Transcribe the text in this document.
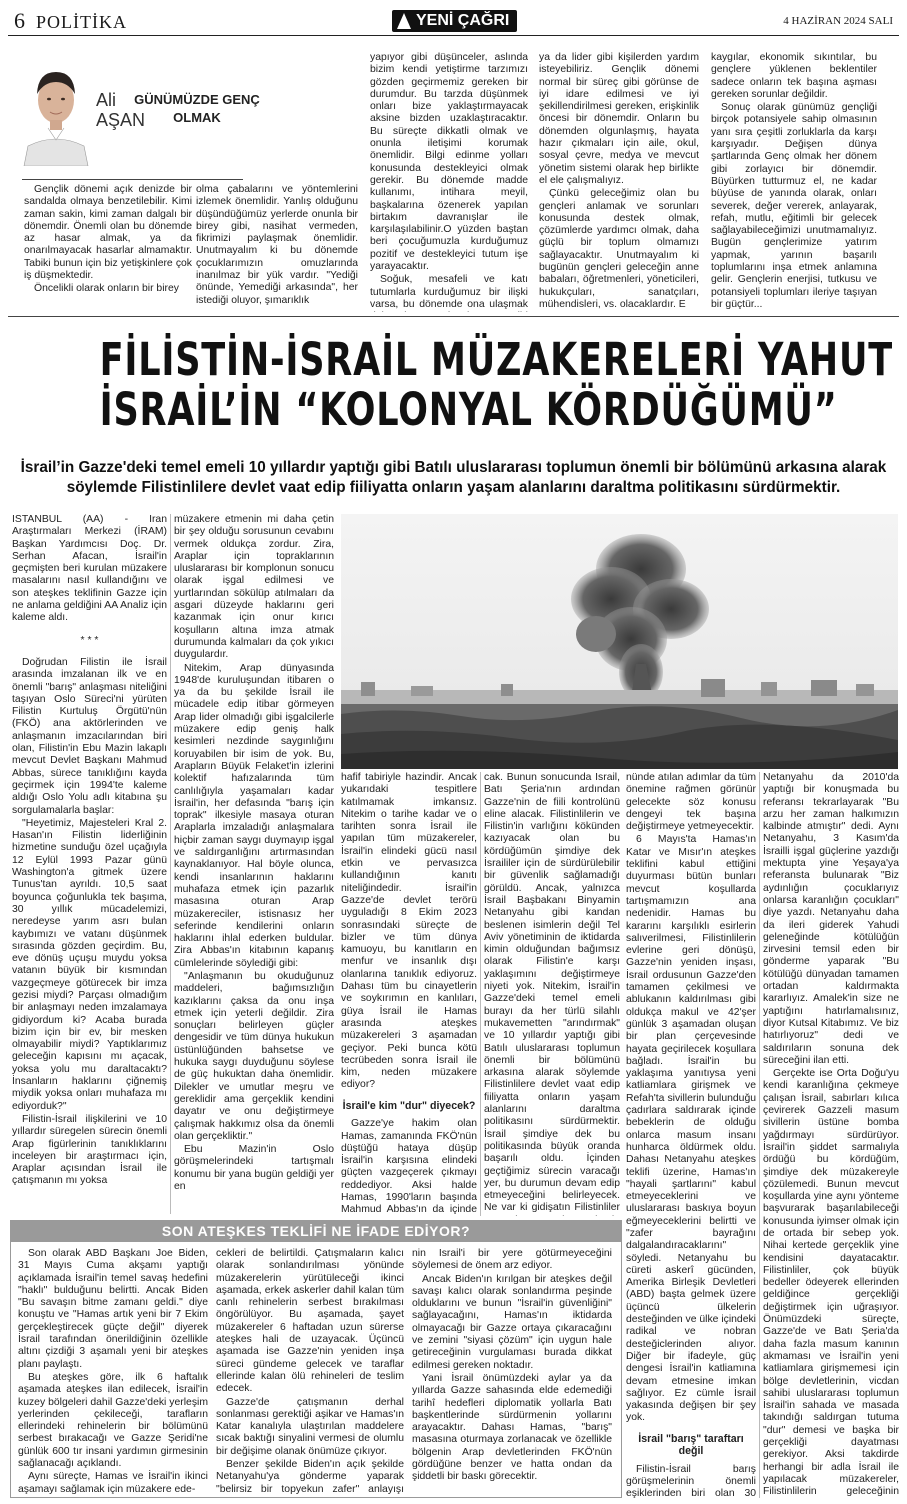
6 POLİTİKA	YENİ ÇAĞRI	4 HAZİRAN 2024 SALI
Ali
AŞAN
GÜNÜMÜZDE GENÇ OLMAK

Gençlik dönemi açık denizde bir sandalda olmaya benzetilebilir. Kimi zaman sakin, kimi zaman dalgalı bir dönemdir. Önemli olan bu dönemde az hasar almak, ya da onarılmayacak hasarlar almamaktır. Tabiki bunun için biz yetişkinlere çok iş düşmektedir.

Öncelikli olarak onların bir birey

olma çabalarını ve yöntemlerini izlemek önemlidir. Yanlış olduğunu düşündüğümüz yerlerde onunla bir birey gibi, nasihat vermeden, fikrimizi paylaşmak önemlidir. Unutmayalım ki bu dönemde çocuklarımızın omuzlarında inanılmaz bir yük vardır. "Yediği önünde, Yemediği arkasında", her istediği oluyor, şımarıklık

yapıyor gibi düşünceler, aslında bizim kendi yetiştirme tarzımızı gözden geçirmemiz gereken bir durumdur. Bu tarzda düşünmek onları bize yaklaştırmayacak aksine bizden uzaklaştıracaktır. Bu süreçte dikkatli olmak ve onunla iletişimi korumak önemlidir. Bilgi edinme yolları konusunda destekleyici olmak gerekir. Bu dönemde madde kullanımı, intihara meyil, başkalarına özenerek yapılan birtakım davranışlar ile karşılaşılabilinir.O yüzden baştan beri çocuğumuzla kurduğumuz pozitif ve destekleyici tutum işe yarayacaktır.

Soğuk, mesafeli ve katı tutumlarla kurduğumuz bir ilişki varsa, bu dönemde ona ulaşmak

ya da lider gibi kişilerden yardım isteyebiliriz. Gençlik dönemi normal bir süreç gibi görünse de iyi idare edilmesi ve iyi şekillendirilmesi gereken, erişkinlik öncesi bir dönemdir. Onların bu dönemden olgunlaşmış, hayata hazır çıkmaları için aile, okul, sosyal çevre, medya ve mevcut yönetim sistemi olarak hep birlikte el ele çalışmalıyız.

Çünkü geleceğimiz olan bu gençleri anlamak ve sorunları konusunda destek olmak, çözümlerde yardımcı olmak, daha güçlü bir toplum olmamızı sağlayacaktır. Unutmayalım ki bugünün gençleri geleceğin anne babaları, öğretmenleri, yöneticileri, hukukçuları, sanatçıları, mühendisleri, vs. olacaklardır. E

kaygılar, ekonomik sıkıntılar, bu gençlere yüklenen beklentiler sadece onların tek başına aşması gereken sorunlar değildir.

Sonuç olarak günümüz gençliği birçok potansiyele sahip olmasının yanı sıra çeşitli zorluklarla da karşı karşıyadır. Değişen dünya şartlarında Genç olmak her dönem gibi zorlayıcı bir dönemdir. Büyürken tutturmuz el, ne kadar büyüse de yanında olarak, onları severek, değer vererek, anlayarak, refah, mutlu, eğitimli bir gelecek sağlayabileceğimizi unutmamalıyız. Bugün gençlerimize yatırım yapmak, yarının başarılı toplumlarını inşa etmek anlamına gelir. Gençlerin enerjisi, tutkusu ve potansiyeli toplumları ileriye taşıyan bir güçtür...

FİLİSTİN-İSRAİL MÜZAKERELERİ YAHUT
İSRAİL’İN “KOLONYAL KÖRDÜĞÜMÜ”
İsrail’in Gazze'deki temel emeli 10 yıllardır yaptığı gibi Batılı uluslararası toplumun önemli bir bölümünü arkasına alarak söylemde Filistinlilere devlet vaat edip fiiliyatta onların yaşam alanlarını daraltma politikasını sürdürmektir.

İSTANBUL (AA) - İran Araştırmaları Merkezi (İRAM) Başkan Yardımcısı Doç. Dr. Serhan Afacan, İsrail'in geçmişten beri kurulan müzakere masalarını nasıl kullandığını ve son ateşkes teklifinin Gazze için ne anlama geldiğini AA Analiz için kaleme aldı.

* * *

Doğrudan Filistin ile İsrail arasında imzalanan ilk ve en önemli "barış" anlaşması niteliğini taşıyan Oslo Süreci'ni yürüten Filistin Kurtuluş Örgütü'nün (FKÖ) ana aktörlerinden ve anlaşmanın imzacılarından biri olan, Filistin'in Ebu Mazin lakaplı mevcut Devlet Başkanı Mahmud Abbas, sürece tanıklığını kayda geçirmek için 1994'te kaleme aldığı Oslo Yolu adlı kitabına şu sorgulamalarla başlar:

"Heyetimiz, Majesteleri Kral 2. Hasan'ın Filistin liderliğinin hizmetine sunduğu özel uçağıyla 12 Eylül 1993 Pazar günü Washington'a gitmek üzere Tunus'tan ayrıldı. 10,5 saat boyunca çoğunlukla tek başıma, 30 yıllık mücadelemizi, neredeyse yarım asrı bulan kaybımızı ve vatanı düşünmek sırasında gözden geçirdim. Bu, eve dönüş uçuşu muydu yoksa vatanın büyük bir kısmından vazgeçmeye götürecek bir imza gezisi miydi? Parçası olmadığım bir anlaşmayı neden imzalamaya gidiyordum ki? Acaba burada bizim için bir ev, bir mesken olmayabilir miydi? Yaptıklarımız geleceğin kapısını mı açacak, yoksa yolu mu daraltacaktı? İnsanların haklarını çiğnemiş miydik yoksa onları muhafaza mı ediyorduk?"

Filistin-İsrail ilişkilerini ve 10 yıllardır süregelen sürecin önemli Arap figürlerinin tanıklıklarını inceleyen bir araştırmacı için, Araplar açısından İsrail ile çatışmanın mı yoksa

müzakere etmenin mi daha çetin bir şey olduğu sorusunun cevabını vermek oldukça zordur. Zira, Araplar için topraklarının uluslararası bir komplonun sonucu olarak işgal edilmesi ve yurtlarından sökülüp atılmaları da asgari düzeyde haklarını geri kazanmak için onur kırıcı koşulların altına imza atmak durumunda kalmaları da çok yıkıcı duygulardır.

Nitekim, Arap dünyasında 1948'de kuruluşundan itibaren o ya da bu şekilde İsrail ile mücadele edip itibar görmeyen Arap lider olmadığı gibi işgalcilerle müzakere edip geniş halk kesimleri nezdinde saygınlığını koruyabilen bir isim de yok. Bu, Arapların Büyük Felaket'in izlerini kolektif hafızalarında tüm canlılığıyla yaşamaları kadar İsrail'in, her defasında "barış için toprak" ilkesiyle masaya oturan Araplarla imzaladığı anlaşmalara hiçbir zaman saygı duymayıp işgal ve saldırganlığını artırmasından kaynaklanıyor. Hal böyle olunca, kendi insanlarının haklarını muhafaza etmek için pazarlık masasına oturan Arap müzakereciler, istisnasız her seferinde kendilerini onların haklarını ihlal ederken buldular. Zira Abbas'ın kitabının kapanış cümlelerinde söylediği gibi:

"Anlaşmanın bu okuduğunuz maddeleri, bağımsızlığın kazıklarını çaksa da onu inşa etmek için yeterli değildir. Zira sonuçları belirleyen güçler dengesidir ve tüm dünya hukukun üstünlüğünden bahsetse ve hukuka saygı duyduğunu söylese de güç hukuktan daha önemlidir. Dilekler ve umutlar meşru ve gereklidir ama gerçeklik kendini dayatır ve onu değiştirmeye çalışmak hakkımız olsa da önemli olan gerçekliktir."

Ebu Mazin'in Oslo görüşmelerindeki tartışmalı konumu bir yana bugün geldiği yer en

hafif tabiriyle hazindir. Ancak yukarıdaki tespitlere katılmamak imkansız. Nitekim o tarihe kadar ve o tarihten sonra İsrail ile yapılan tüm müzakereler, İsrail'in elindeki gücü nasıl etkin ve pervasızca kullandığının kanıtı niteliğindedir. İsrail'in Gazze'de devlet terörü uyguladığı 8 Ekim 2023 sonrasındaki süreçte de bizler ve tüm dünya kamuoyu, bu kanıtların en menfur ve insanlık dışı olanlarına tanıklık ediyoruz. Dahası tüm bu cinayetlerin ve soykırımın en kanlıları, güya İsrail ile Hamas arasında ateşkes müzakereleri 3 aşamadan geçiyor. Peki bunca kötü tecrübeden sonra İsrail ile kim, neden müzakere ediyor?

İsrail'e kim "dur" diyecek?

Gazze'ye hakim olan Hamas, zamanında FKÖ'nün düştüğü hataya düşüp İsrail'in karşısına elindeki güçten vazgeçerek çıkmayı reddediyor. Aksi halde Hamas, 1990'ların başında Mahmud Abbas'ın da içinde

cak. Bunun sonucunda İsrail, Batı Şeria'nın ardından Gazze'nin de fiili kontrolünü eline alacak. Filistinlilerin ve Filistin'in varlığını kökünden kazıyacak olan bu kördüğümün şimdiye dek İsraililer için de sürdürülebilir bir güvenlik sağlamadığı görüldü. Ancak, yalnızca İsrail Başbakanı Binyamin Netanyahu gibi kandan beslenen isimlerin değil Tel Aviv yönetiminin de iktidarda kimin olduğundan bağımsız olarak Filistin'e karşı yaklaşımını değiştirmeye niyeti yok. Nitekim, İsrail'in Gazze'deki temel emeli burayı da her türlü silahlı mukavemetten "arındırmak" ve 10 yıllardır yaptığı gibi Batılı uluslararası toplumun önemli bir bölümünü arkasına alarak söylemde Filistinlilere devlet vaat edip fiiliyatta onların yaşam alanlarını daraltma politikasını sürdürmektir. İsrail şimdiye dek bu politikasında büyük oranda başarılı oldu. İçinden geçtiğimiz sürecin varacağı yer, bu durumun devam edip etmeyeceğini belirleyecek. Ne var ki gidişatın Filistinliler

nünde atılan adımlar da tüm önemine rağmen görünür gelecekte söz konusu dengeyi tek başına değiştirmeye yetmeyecektir.

6 Mayıs'ta Hamas'ın Katar ve Mısır'ın ateşkes teklifini kabul ettiğini duyurması bütün bunları mevcut koşullarda tartışmamızın ana nedenidir. Hamas bu kararını karşılıklı esirlerin salıverilmesi, Filistinlilerin evlerine geri dönüşü, Gazze'nin yeniden inşası, İsrail ordusunun Gazze'den tamamen çekilmesi ve ablukanın kaldırılması gibi oldukça makul ve 42'şer günlük 3 aşamadan oluşan bir plan çerçevesinde hayata geçirilecek koşullara bağladı. İsrail'in bu yaklaşıma yanıtıysa yeni katliamlara girişmek ve Refah'ta sivillerin bulunduğu çadırlara saldırarak içinde bebeklerin de olduğu onlarca masum insanı hunharca öldürmek oldu. Dahası Netanyahu ateşkes teklifi üzerine, Hamas'ın "hayali şartlarını" kabul etmeyeceklerini ve uluslararası baskıya boyun eğmeyeceklerini belirtti ve "zafer bayrağını dalgalandıracaklarını" söyledi. Netanyahu bu cüreti askerî gücünden, Amerika Birleşik Devletleri (ABD) başta gelmek üzere üçüncü ülkelerin desteğinden ve ülke içindeki radikal ve nobran desteğiclerinden alıyor. Diğer bir ifadeyle, güç dengesi İsrail'in katliamına devam etmesine imkan sağlıyor. Ez cümle İsrail yakasında değişen bir şey yok.

İsrail "barış" taraftarı değil

Filistin-İsrail barış görüşmelerinin önemli eşiklerinden biri olan 30

Netanyahu da 2010'da yaptığı bir konuşmada bu referansı tekrarlayarak "Bu arzu her zaman halkımızın kalbinde atmıştır" dedi. Aynı Netanyahu, 3 Kasım'da İsrailli işgal güçlerine yazdığı mektupta yine Yeşaya'ya referansta bulunarak "Biz aydınlığın çocuklarıyız onlarsa karanlığın çocukları" diye yazdı. Netanyahu daha da ileri giderek Yahudi geleneğinde kötülüğün zirvesini temsil eden bir gönderme yaparak "Bu kötülüğü dünyadan tamamen ortadan kaldırmakta kararlıyız. Amalek'in size ne yaptığını hatırlamalısınız, diyor Kutsal Kitabımız. Ve biz hatırlıyoruz" dedi ve saldırıların sonuna dek süreceğini ilan etti.

Gerçekte ise Orta Doğu'yu kendi karanlığına çekmeye çalışan İsrail, sabırları kılıca çevirerek Gazzeli masum sivillerin üstüne bomba yağdırmayı sürdürüyor. İsrail'in şiddet sarmalıyla ördüğü bu kördüğüm, şimdiye dek müzakereyle çözülemedi. Bunun mevcut koşullarda yine aynı yönteme başvurarak başarılabileceği konusunda iyimser olmak için de ortada bir sebep yok. Nihai kertede gerçeklik yine kendisini dayatacaktır. Filistinliler, çok büyük bedeller ödeyerek ellerinden geldiğince gerçekliği değiştirmek için uğraşıyor. Önümüzdeki süreçte, Gazze'de ve Batı Şeria'da daha fazla masum kanının akmaması ve İsrail'in yeni katliamlara girişmemesi için bölge devletlerinin, vicdan sahibi uluslararası toplumun İsrail'in sahada ve masada takındığı saldırgan tutuma "dur" demesi ve başka bir gerçekliği dayatması gerekiyor. Aksi takdirde herhangi bir adla İsrail ile yapılacak müzakereler, Filistinlilerin geleceğinin

SON ATEŞKES TEKLİFİ NE İFADE EDİYOR?

Son olarak ABD Başkanı Joe Biden, 31 Mayıs Cuma akşamı yaptığı açıklamada İsrail'in temel savaş hedefini "haklı" bulduğunu belirtti. Ancak Biden "Bu savaşın bitme zamanı geldi." diye konuştu ve "Hamas artık yeni bir 7 Ekim gerçekleştirecek güçte değil" diyerek İsrail tarafından önerildiğinin özellikle altını çizdiği 3 aşamalı yeni bir ateşkes planı paylaştı.

Bu ateşkes göre, ilk 6 haftalık aşamada ateşkes ilan edilecek, İsrail'in kuzey bölgeleri dahil Gazze'deki yerleşim yerlerinden çekileceği, tarafların ellerindeki rehinelerin bir bölümünü serbest bırakacağı ve Gazze Şeridi'ne günlük 600 tır insani yardımın girmesinin sağlanacağı açıklandı.

Aynı süreçte, Hamas ve İsrail'in ikinci aşamayı sağlamak için müzakere ede-

cekleri de belirtildi. Çatışmaların kalıcı olarak sonlandırılması yönünde müzakerelerin yürütüleceği ikinci aşamada, erkek askerler dahil kalan tüm canlı rehinelerin serbest bırakılması öngörülüyor. Bu aşamada, şayet müzakereler 6 haftadan uzun sürerse ateşkes hali de uzayacak. Üçüncü aşamada ise Gazze'nin yeniden inşa süreci gündeme gelecek ve taraflar ellerinde kalan ölü rehineleri de teslim edecek.

Gazze'de çatışmanın derhal sonlanması gerektiği aşikar ve Hamas'ın Katar kanalıyla ulaştırılan maddelere sıcak baktığı sinyalini vermesi de olumlu bir değişime olanak önümüze çıkıyor.

Benzer şekilde Biden'ın açık şekilde Netanyahu'ya gönderme yaparak "belirsiz bir topyekun zafer" anlayışı

nin İsrail'i bir yere götürmeyeceğini söylemesi de önem arz ediyor.

Ancak Biden'ın kırılgan bir ateşkes değil savaşı kalıcı olarak sonlandırma peşinde olduklarını ve bunun "İsrail'in güvenliğini" sağlayacağını, Hamas'ın iktidarda olmayacağı bir Gazze ortaya çıkaracağını ve zemini "siyasi çözüm" için uygun hale getireceğinin vurgulaması burada dikkat edilmesi gereken noktadır.

Yani İsrail önümüzdeki aylar ya da yıllarda Gazze sahasında elde edemediği tarihî hedefleri diplomatik yollarla Batı başkentlerinde sürdürmenin yollarını arayacaktır. Dahası Hamas, "barış" masasına oturmaya zorlanacak ve özellikle bölgenin Arap devletlerinden FKÖ'nün gördüğüne benzer ve hatta ondan da şiddetli bir baskı görecektir.
